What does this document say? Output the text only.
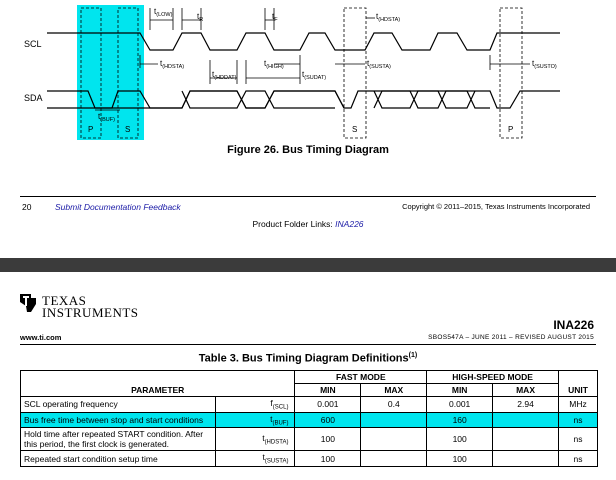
SCL
SDA
$t_{(LOW)}$	$t_R$	$t_F$	$t_{(HDSTA)}$
$t_{(HDSTA)}$	$t_{(HIGH)}$	$t_{(SUSTA)}$	$t_{(SUSTO)}$
$t_{(HDDAT)}$	$t_{(SUDAT)}$
$t_{(BUF)}$
P	S	S	P
Figure 26. Bus Timing Diagram
20	Submit Documentation Feedback	Copyright © 2011–2015, Texas Instruments Incorporated
Product Folder Links: INA226
TEXAS
INSTRUMENTS
www.ti.com
INA226
SBOS547A – JUNE 2011 – REVISED AUGUST 2015
Table 3. Bus Timing Diagram Definitions$^{(1)}$
PARAMETER		FAST MODE		HIGH-SPEED MODE		UNIT
		MIN	MAX	MIN	MAX	
SCL operating frequency	$f_{(SCL)}$	0.001	0.4	0.001	2.94	MHz
Bus free time between stop and start conditions	$t_{(BUF)}$	600		160		ns
Hold time after repeated START condition. After this period, the first clock is generated.	$t_{(HDSTA)}$	100		100		ns
Repeated start condition setup time	$t_{(SUSTA)}$	100		100		ns
